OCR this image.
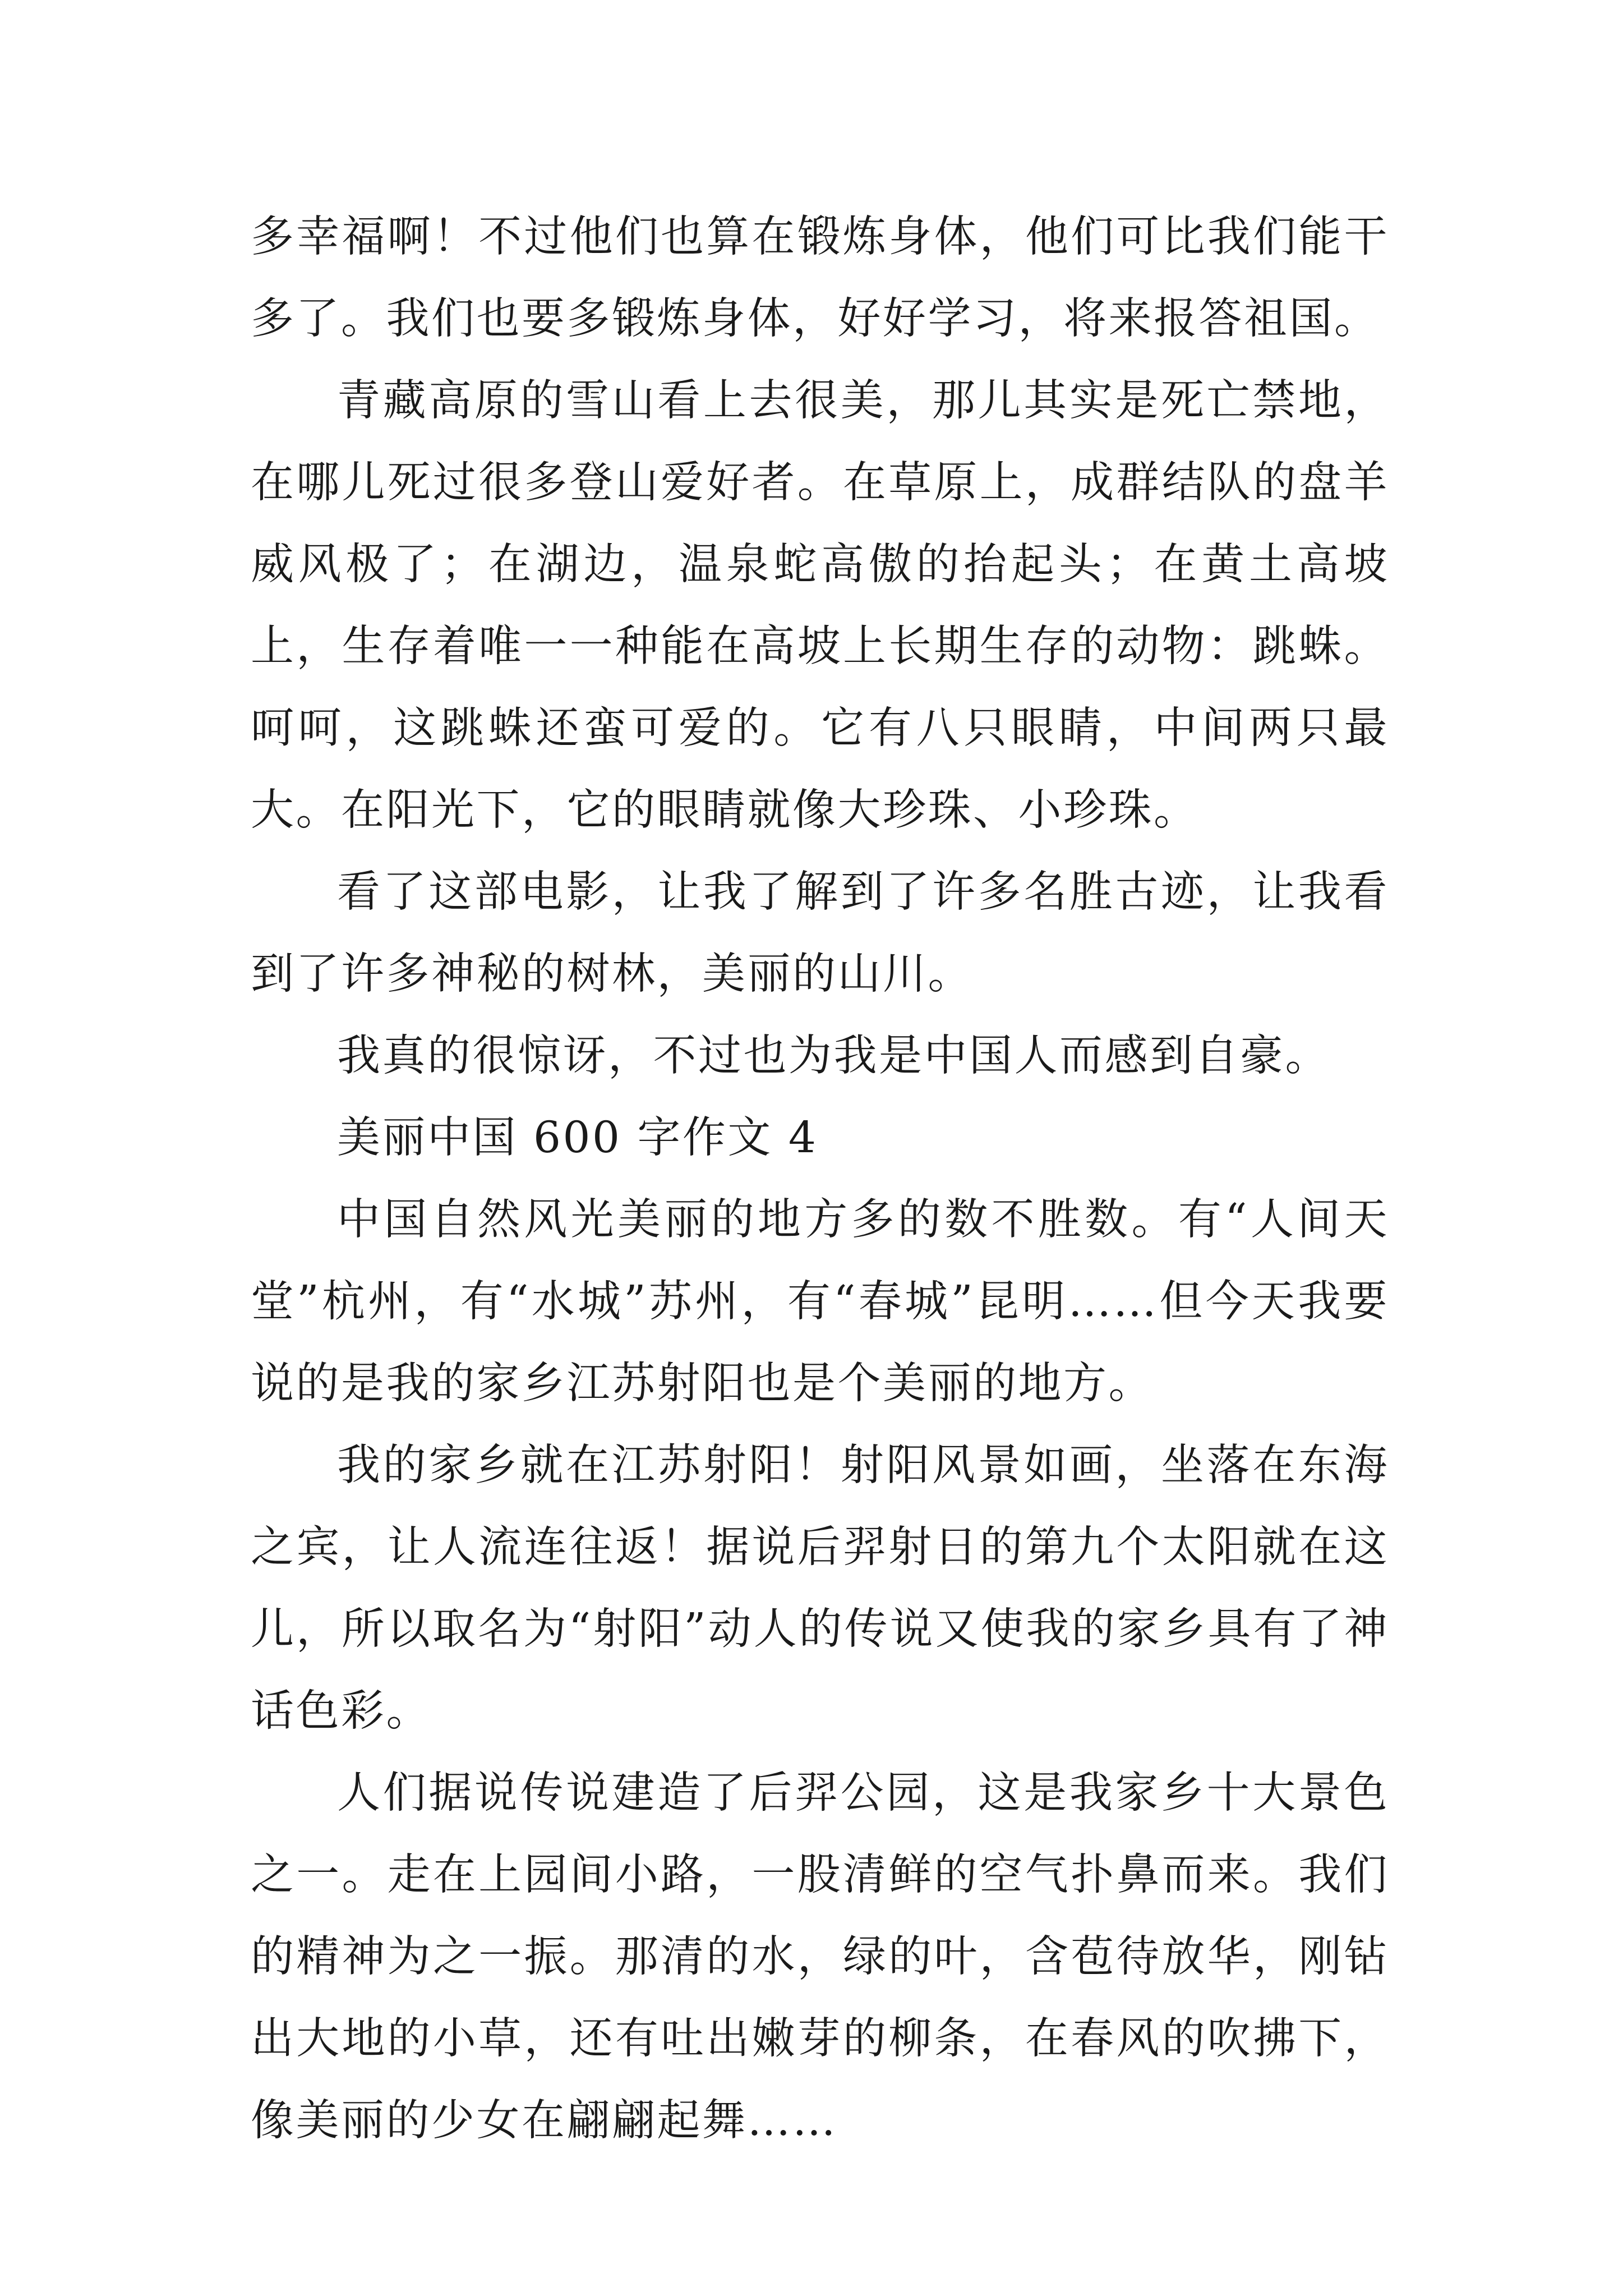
多幸福啊！不过他们也算在锻炼身体，他们可比我们能干多了。我们也要多锻炼身体，好好学习，将来报答祖国。

青藏高原的雪山看上去很美，那儿其实是死亡禁地，在哪儿死过很多登山爱好者。在草原上，成群结队的盘羊威风极了；在湖边，温泉蛇高傲的抬起头；在黄土高坡上，生存着唯一一种能在高坡上长期生存的动物：跳蛛。呵呵，这跳蛛还蛮可爱的。它有八只眼睛，中间两只最大。在阳光下，它的眼睛就像大珍珠、小珍珠。

看了这部电影，让我了解到了许多名胜古迹，让我看到了许多神秘的树林，美丽的山川。

我真的很惊讶，不过也为我是中国人而感到自豪。

美丽中国 600 字作文 4

中国自然风光美丽的地方多的数不胜数。有“人间天堂”杭州，有“水城”苏州，有“春城”昆明……但今天我要说的是我的家乡江苏射阳也是个美丽的地方。

我的家乡就在江苏射阳！射阳风景如画，坐落在东海之宾，让人流连往返！据说后羿射日的第九个太阳就在这儿，所以取名为“射阳”动人的传说又使我的家乡具有了神话色彩。

人们据说传说建造了后羿公园，这是我家乡十大景色之一。走在上园间小路，一股清鲜的空气扑鼻而来。我们的精神为之一振。那清的水，绿的叶，含苞待放华，刚钻出大地的小草，还有吐出嫩芽的柳条，在春风的吹拂下，像美丽的少女在翩翩起舞……
